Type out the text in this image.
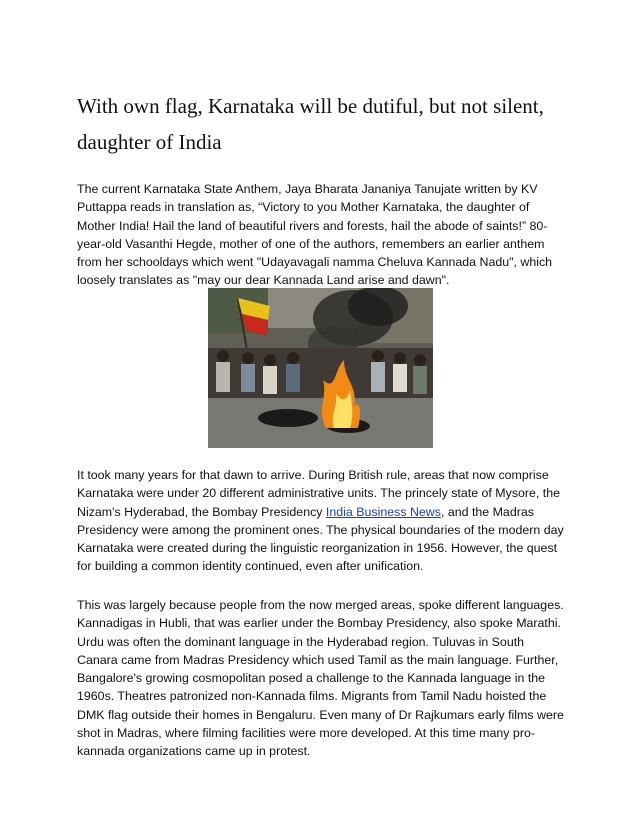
With own flag, Karnataka will be dutiful, but not silent, daughter of India

The current Karnataka State Anthem, Jaya Bharata Jananiya Tanujate written by KV Puttappa reads in translation as, “Victory to you Mother Karnataka, the daughter of Mother India! Hail the land of beautiful rivers and forests, hail the abode of saints!” 80-year-old Vasanthi Hegde, mother of one of the authors, remembers an earlier anthem from her schooldays which went "Udayavagali namma Cheluva Kannada Nadu", which loosely translates as "may our dear Kannada Land arise and dawn".

It took many years for that dawn to arrive. During British rule, areas that now comprise Karnataka were under 20 different administrative units. The princely state of Mysore, the Nizam's Hyderabad, the Bombay Presidency India Business News, and the Madras Presidency were among the prominent ones. The physical boundaries of the modern day Karnataka were created during the linguistic reorganization in 1956. However, the quest for building a common identity continued, even after unification.

This was largely because people from the now merged areas, spoke different languages. Kannadigas in Hubli, that was earlier under the Bombay Presidency, also spoke Marathi. Urdu was often the dominant language in the Hyderabad region. Tuluvas in South Canara came from Madras Presidency which used Tamil as the main language. Further, Bangalore's growing cosmopolitan posed a challenge to the Kannada language in the 1960s. Theatres patronized non-Kannada films. Migrants from Tamil Nadu hoisted the DMK flag outside their homes in Bengaluru. Even many of Dr Rajkumars early films were shot in Madras, where filming facilities were more developed. At this time many pro-kannada organizations came up in protest.
